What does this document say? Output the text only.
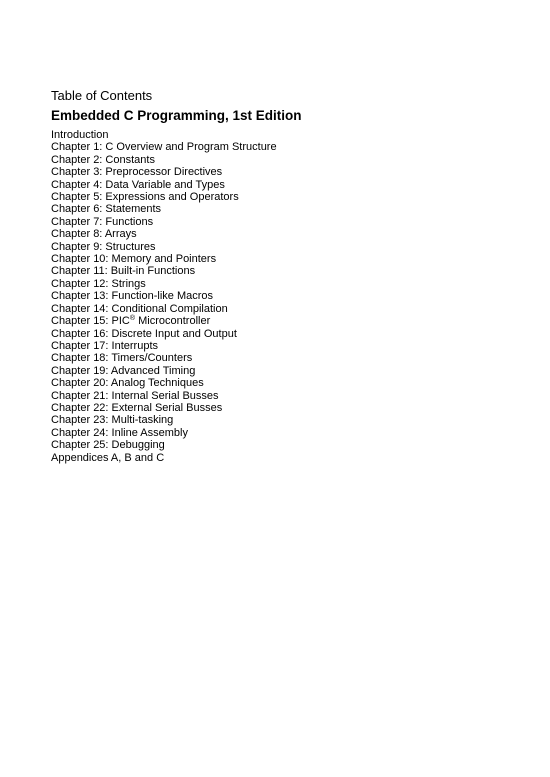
Table of Contents
Embedded C Programming, 1st Edition
Introduction
Chapter 1: C Overview and Program Structure
Chapter 2: Constants
Chapter 3: Preprocessor Directives
Chapter 4: Data Variable and Types
Chapter 5: Expressions and Operators
Chapter 6: Statements
Chapter 7: Functions
Chapter 8: Arrays
Chapter 9: Structures
Chapter 10: Memory and Pointers
Chapter 11: Built-in Functions
Chapter 12: Strings
Chapter 13: Function-like Macros
Chapter 14: Conditional Compilation
Chapter 15: PIC® Microcontroller
Chapter 16: Discrete Input and Output
Chapter 17: Interrupts
Chapter 18: Timers/Counters
Chapter 19: Advanced Timing
Chapter 20: Analog Techniques
Chapter 21: Internal Serial Busses
Chapter 22: External Serial Busses
Chapter 23: Multi-tasking
Chapter 24: Inline Assembly
Chapter 25: Debugging
Appendices A, B and C
